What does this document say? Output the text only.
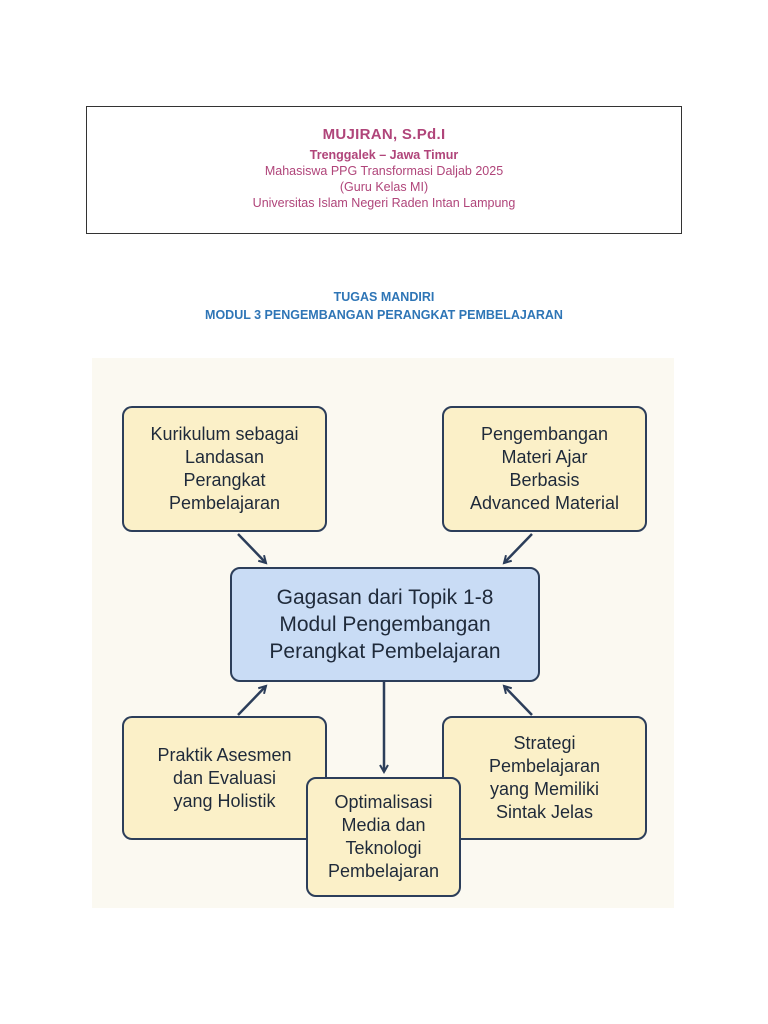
MUJIRAN, S.Pd.I
Trenggalek – Jawa Timur
Mahasiswa PPG Transformasi Daljab 2025
(Guru Kelas MI)
Universitas Islam Negeri Raden Intan Lampung
TUGAS MANDIRI
MODUL 3 PENGEMBANGAN PERANGKAT PEMBELAJARAN
Kurikulum sebagai
Landasan
Perangkat
Pembelajaran
Pengembangan
Materi Ajar
Berbasis
Advanced Material
Gagasan dari Topik 1-8
Modul Pengembangan
Perangkat Pembelajaran
Praktik Asesmen
dan Evaluasi
yang Holistik
Strategi
Pembelajaran
yang Memiliki
Sintak Jelas
Optimalisasi
Media dan
Teknologi
Pembelajaran
